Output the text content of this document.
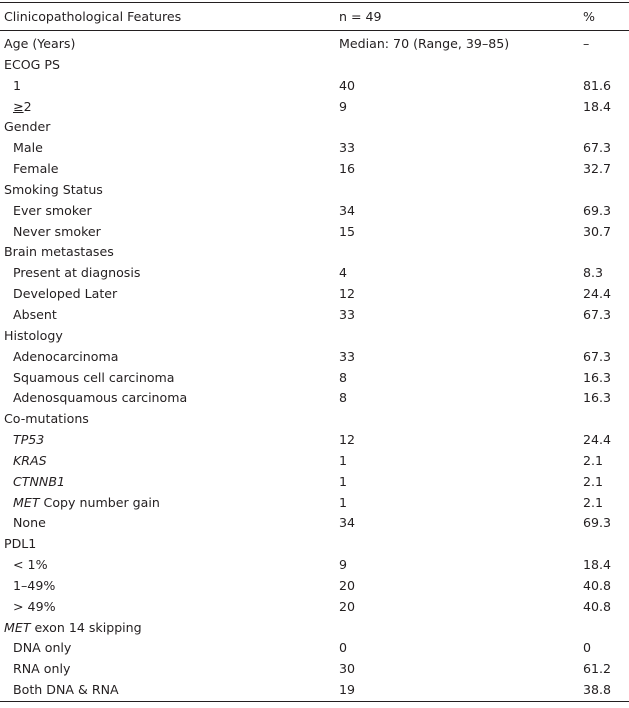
Clinicopathological Features	n = 49	%
Age (Years)	Median: 70 (Range, 39–85)	–
ECOG PS
1	40	81.6
≥2	9	18.4
Gender
Male	33	67.3
Female	16	32.7
Smoking Status
Ever smoker	34	69.3
Never smoker	15	30.7
Brain metastases
Present at diagnosis	4	8.3
Developed Later	12	24.4
Absent	33	67.3
Histology
Adenocarcinoma	33	67.3
Squamous cell carcinoma	8	16.3
Adenosquamous carcinoma	8	16.3
Co-mutations
TP53	12	24.4
KRAS	1	2.1
CTNNB1	1	2.1
MET Copy number gain	1	2.1
None	34	69.3
PDL1
< 1%	9	18.4
1–49%	20	40.8
> 49%	20	40.8
MET exon 14 skipping
DNA only	0	0
RNA only	30	61.2
Both DNA & RNA	19	38.8
